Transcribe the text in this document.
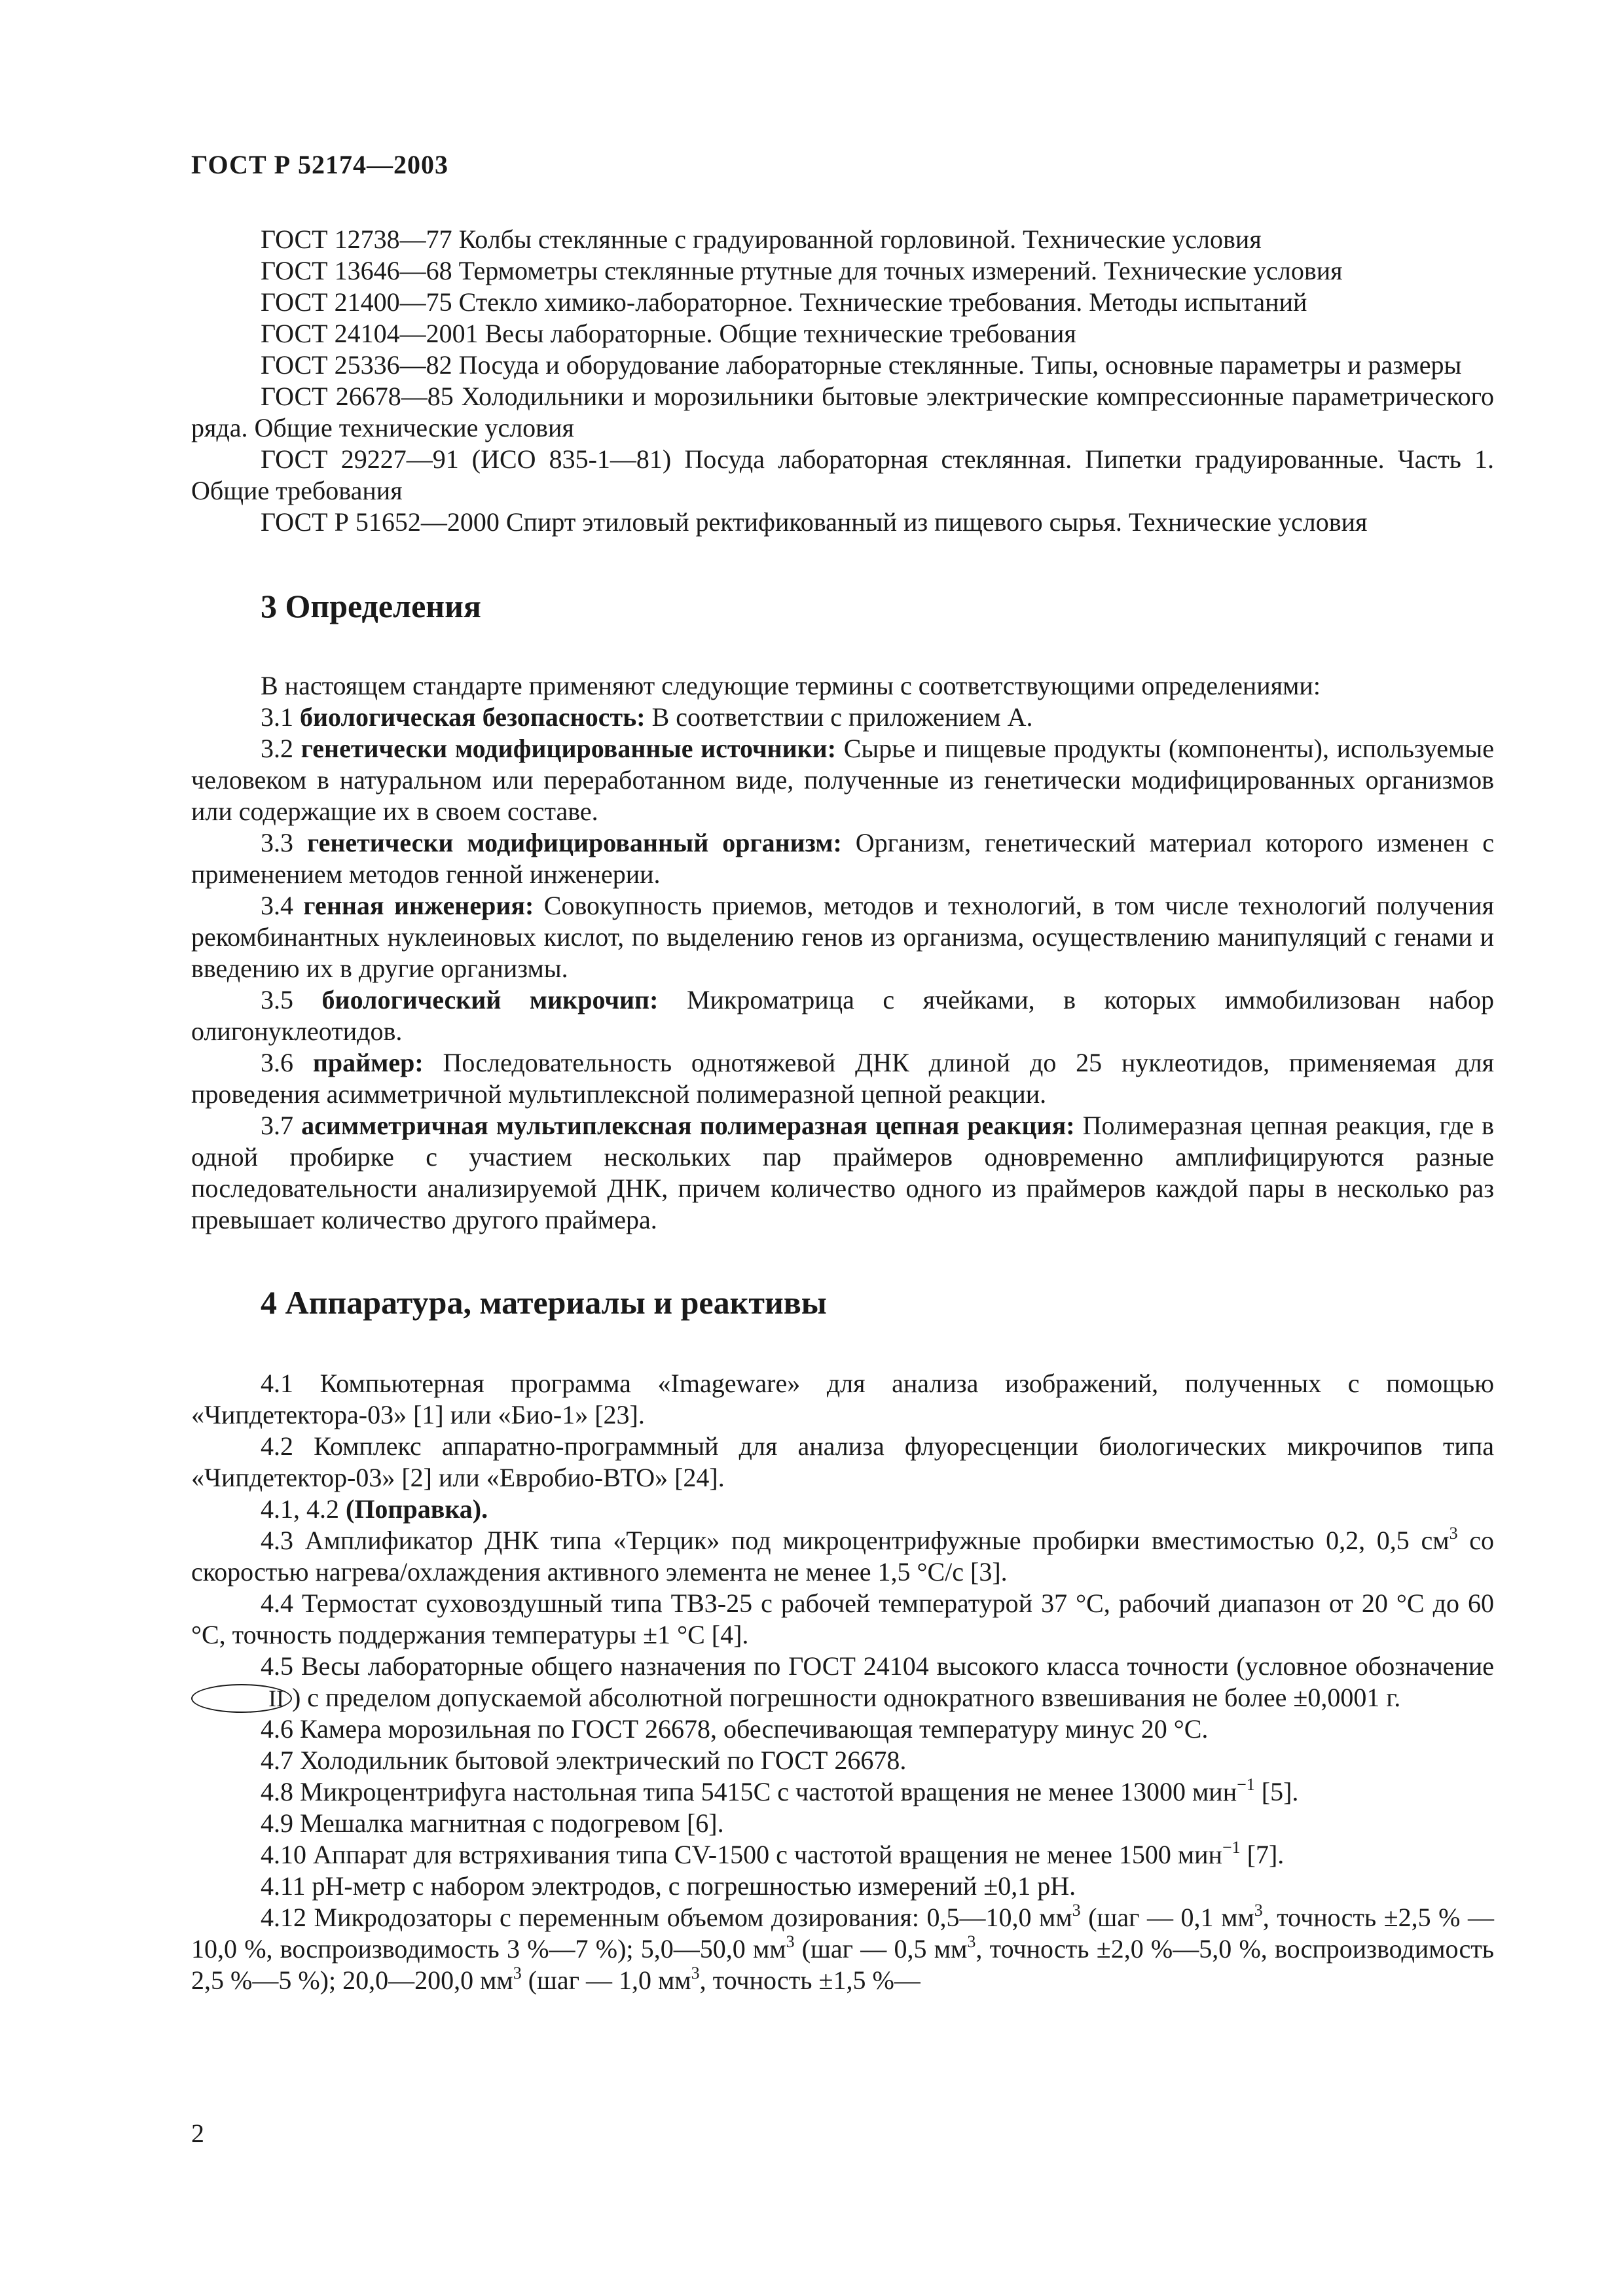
ГОСТ Р 52174—2003

ГОСТ 12738—77 Колбы стеклянные с градуированной горловиной. Технические условия

ГОСТ 13646—68 Термометры стеклянные ртутные для точных измерений. Технические условия

ГОСТ 21400—75 Стекло химико-лабораторное. Технические требования. Методы испытаний

ГОСТ 24104—2001 Весы лабораторные. Общие технические требования

ГОСТ 25336—82 Посуда и оборудование лабораторные стеклянные. Типы, основные параметры и размеры

ГОСТ 26678—85 Холодильники и морозильники бытовые электрические компрессионные параметрического ряда. Общие технические условия

ГОСТ 29227—91 (ИСО 835-1—81) Посуда лабораторная стеклянная. Пипетки градуированные. Часть 1. Общие требования

ГОСТ Р 51652—2000 Спирт этиловый ректификованный из пищевого сырья. Технические условия

3 Определения

В настоящем стандарте применяют следующие термины с соответствующими определениями:

3.1 биологическая безопасность: В соответствии с приложением А.

3.2 генетически модифицированные источники: Сырье и пищевые продукты (компоненты), используемые человеком в натуральном или переработанном виде, полученные из генетически модифицированных организмов или содержащие их в своем составе.

3.3 генетически модифицированный организм: Организм, генетический материал которого изменен с применением методов генной инженерии.

3.4 генная инженерия: Совокупность приемов, методов и технологий, в том числе технологий получения рекомбинантных нуклеиновых кислот, по выделению генов из организма, осуществлению манипуляций с генами и введению их в другие организмы.

3.5 биологический микрочип: Микроматрица с ячейками, в которых иммобилизован набор олигонуклеотидов.

3.6 праймер: Последовательность однотяжевой ДНК длиной до 25 нуклеотидов, применяемая для проведения асимметричной мультиплексной полимеразной цепной реакции.

3.7 асимметричная мультиплексная полимеразная цепная реакция: Полимеразная цепная реакция, где в одной пробирке с участием нескольких пар праймеров одновременно амплифицируются разные последовательности анализируемой ДНК, причем количество одного из праймеров каждой пары в несколько раз превышает количество другого праймера.

4 Аппаратура, материалы и реактивы

4.1 Компьютерная программа «Imageware» для анализа изображений, полученных с помощью «Чипдетектора-03» [1] или «Био-1» [23].

4.2 Комплекс аппаратно-программный для анализа флуоресценции биологических микрочипов типа «Чипдетектор-03» [2] или «Евробио-ВТО» [24].

4.1, 4.2 (Поправка).

4.3 Амплификатор ДНК типа «Терцик» под микроцентрифужные пробирки вместимостью 0,2, 0,5 $см^3$ со скоростью нагрева/охлаждения активного элемента не менее 1,5 °С/с [3].

4.4 Термостат суховоздушный типа ТВЗ-25 с рабочей температурой 37 °С, рабочий диапазон от 20 °С до 60 °С, точность поддержания температуры ±1 °С [4].

4.5 Весы лабораторные общего назначения по ГОСТ 24104 высокого класса точности (условное обозначение II ) с пределом допускаемой абсолютной погрешности однократного взвешивания не более ±0,0001 г.

4.6 Камера морозильная по ГОСТ 26678, обеспечивающая температуру минус 20 °С.

4.7 Холодильник бытовой электрический по ГОСТ 26678.

4.8 Микроцентрифуга настольная типа 5415С с частотой вращения не менее 13000 мин$^{-1}$ [5].

4.9 Мешалка магнитная с подогревом [6].

4.10 Аппарат для встряхивания типа CV-1500 с частотой вращения не менее 1500 мин$^{-1}$ [7].

4.11 рН-метр с набором электродов, с погрешностью измерений ±0,1 рН.

4.12 Микродозаторы с переменным объемом дозирования: 0,5—10,0 $мм^3$ (шаг — 0,1 $мм^3$, точность ±2,5 % — 10,0 %, воспроизводимость 3 %—7 %); 5,0—50,0 $мм^3$ (шаг — 0,5 $мм^3$, точность ±2,0 %—5,0 %, воспроизводимость 2,5 %—5 %); 20,0—200,0 $мм^3$ (шаг — 1,0 $мм^3$, точность ±1,5 %—

2
